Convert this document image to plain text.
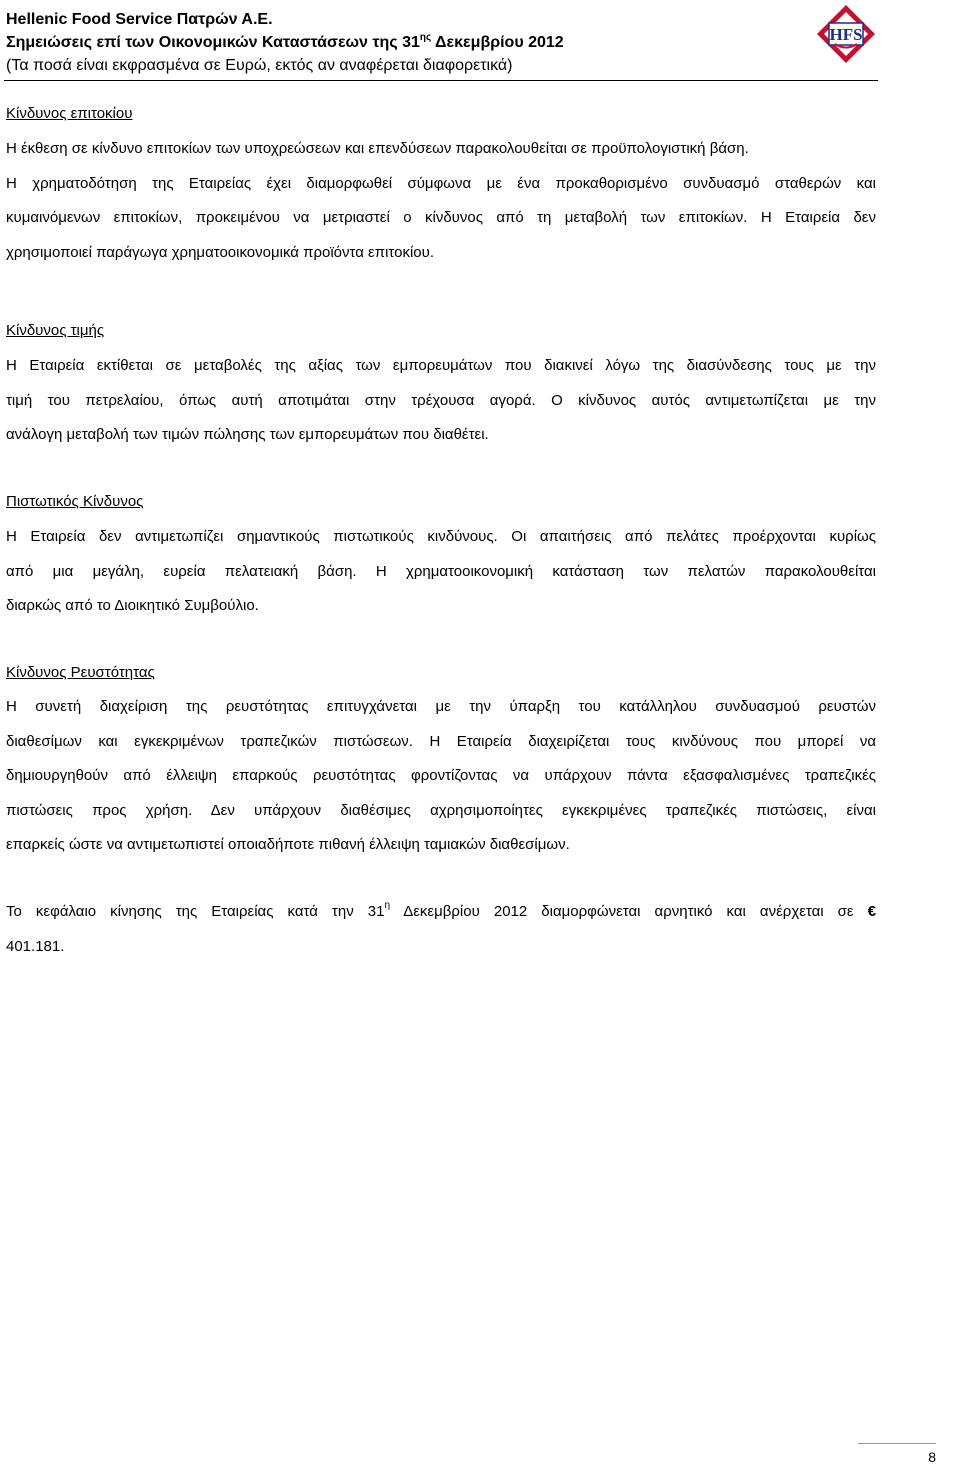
Hellenic Food Service Πατρών Α.Ε.
Σημειώσεις επί των Οικονομικών Καταστάσεων της $31^{\eta\varsigma}$ Δεκεμβρίου 2012
(Τα ποσά είναι εκφρασμένα σε Ευρώ, εκτός αν αναφέρεται διαφορετικά)
HFS
Κίνδυνος επιτοκίου
Η έκθεση σε κίνδυνο επιτοκίων των υποχρεώσεων και επενδύσεων παρακολουθείται σε προϋπολογιστική βάση.
Η χρηματοδότηση της Εταιρείας έχει διαμορφωθεί σύμφωνα με ένα προκαθορισμένο συνδυασμό σταθερών και
κυμαινόμενων επιτοκίων, προκειμένου να μετριαστεί ο κίνδυνος από τη μεταβολή των επιτοκίων. Η Εταιρεία δεν
χρησιμοποιεί παράγωγα χρηματοοικονομικά προϊόντα επιτοκίου.
Κίνδυνος τιμής
Η Εταιρεία εκτίθεται σε μεταβολές της αξίας των εμπορευμάτων που διακινεί λόγω της διασύνδεσης τους με την
τιμή του πετρελαίου, όπως αυτή αποτιμάται στην τρέχουσα αγορά. Ο κίνδυνος αυτός αντιμετωπίζεται με την
ανάλογη μεταβολή των τιμών πώλησης των εμπορευμάτων που διαθέτει.
Πιστωτικός Κίνδυνος
Η Εταιρεία δεν αντιμετωπίζει σημαντικούς πιστωτικούς κινδύνους. Οι απαιτήσεις από πελάτες προέρχονται κυρίως
από μια μεγάλη, ευρεία πελατειακή βάση. Η χρηματοοικονομική κατάσταση των πελατών παρακολουθείται
διαρκώς από το Διοικητικό Συμβούλιο.
Κίνδυνος Ρευστότητας
Η συνετή διαχείριση της ρευστότητας επιτυγχάνεται με την ύπαρξη του κατάλληλου συνδυασμού ρευστών
διαθεσίμων και εγκεκριμένων τραπεζικών πιστώσεων. Η Εταιρεία διαχειρίζεται τους κινδύνους που μπορεί να
δημιουργηθούν από έλλειψη επαρκούς ρευστότητας φροντίζοντας να υπάρχουν πάντα εξασφαλισμένες τραπεζικές
πιστώσεις προς χρήση. Δεν υπάρχουν διαθέσιμες αχρησιμοποίητες εγκεκριμένες τραπεζικές πιστώσεις, είναι
επαρκείς ώστε να αντιμετωπιστεί οποιαδήποτε πιθανή έλλειψη ταμιακών διαθεσίμων.
Το κεφάλαιο κίνησης της Εταιρείας κατά την $31^\eta$ Δεκεμβρίου 2012 διαμορφώνεται αρνητικό και ανέρχεται σε €
401.181.
8
